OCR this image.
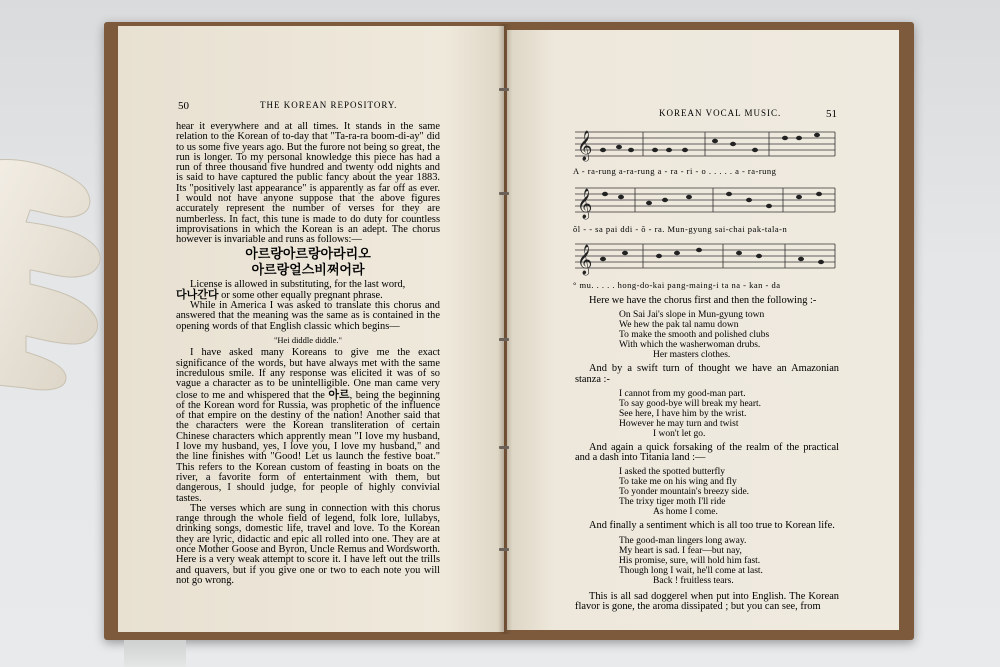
50	THE KOREAN REPOSITORY.

hear it everywhere and at all times. It stands in the same relation to the Korean of to-day that "Ta-ra-ra boom-di-ay" did to us some five years ago. But the furore not being so great, the run is longer. To my personal knowledge this piece has had a run of three thousand five hundred and twenty odd nights and is said to have captured the public fancy about the year 1883. Its "positively last appearance" is apparently as far off as ever. I would not have anyone suppose that the above figures accurately represent the number of verses for they are numberless. In fact, this tune is made to do duty for countless improvisations in which the Korean is an adept. The chorus however is invariable and runs as follows:—

아르랑아르랑아라리오
아르랑얼스비쩌어라

License is allowed in substituting, for the last word,
다나간다 or some other equally pregnant phrase.

While in America I was asked to translate this chorus and answered that the meaning was the same as is contained in the opening words of that English classic which begins—

"Hei diddle diddle."

I have asked many Koreans to give me the exact significance of the words, but have always met with the same incredulous smile. If any response was elicited it was of so vague a character as to be unintelligible. One man came very close to me and whispered that the 아르, being the beginning of the Korean word for Russia, was prophetic of the influence of that empire on the destiny of the nation! Another said that the characters were the Korean transliteration of certain Chinese characters which apprently mean "I love my husband, I love my husband, yes, I love you, I love my husband," and the line finishes with "Good! Let us launch the festive boat." This refers to the Korean custom of feasting in boats on the river, a favorite form of entertainment with them, but dangerous, I should judge, for people of highly convivial tastes.

The verses which are sung in connection with this chorus range through the whole field of legend, folk lore, lullabys, drinking songs, domestic life, travel and love. To the Korean they are lyric, didactic and epic all rolled into one. They are at once Mother Goose and Byron, Uncle Remus and Wordsworth. Here is a very weak attempt to score it. I have left out the trills and quavers, but if you give one or two to each note you will not go wrong.

KOREAN VOCAL MUSIC.	51
𝄞
A - ra-rung a-ra-rung a - ra - ri - o . . . . . a - ra-rung
𝄞
ŏl - - sa pai ddi - ŏ - ra. Mun-gyung sai-chai pak-tala-n
𝄞
° mu. . . . . hong-do-kai pang-maing-i ta na - kan - da

Here we have the chorus first and then the following :-

On Sai Jai's slope in Mun-gyung town
We hew the pak tal namu down
To make the smooth and polished clubs
With which the washerwoman drubs.
Her masters clothes.

And by a swift turn of thought we have an Amazonian stanza :-

I cannot from my good-man part.
To say good-bye will break my heart.
See here, I have him by the wrist.
However he may turn and twist
I won't let go.

And again a quick forsaking of the realm of the practical and a dash into Titania land :—

I asked the spotted butterfly
To take me on his wing and fly
To yonder mountain's breezy side.
The trixy tiger moth I'll ride
As home I come.

And finally a sentiment which is all too true to Korean life.

The good-man lingers long away.
My heart is sad. I fear—but nay,
His promise, sure, will hold him fast.
Though long I wait, he'll come at last.
Back ! fruitless tears.

This is all sad doggerel when put into English. The Korean flavor is gone, the aroma dissipated ; but you can see, from
